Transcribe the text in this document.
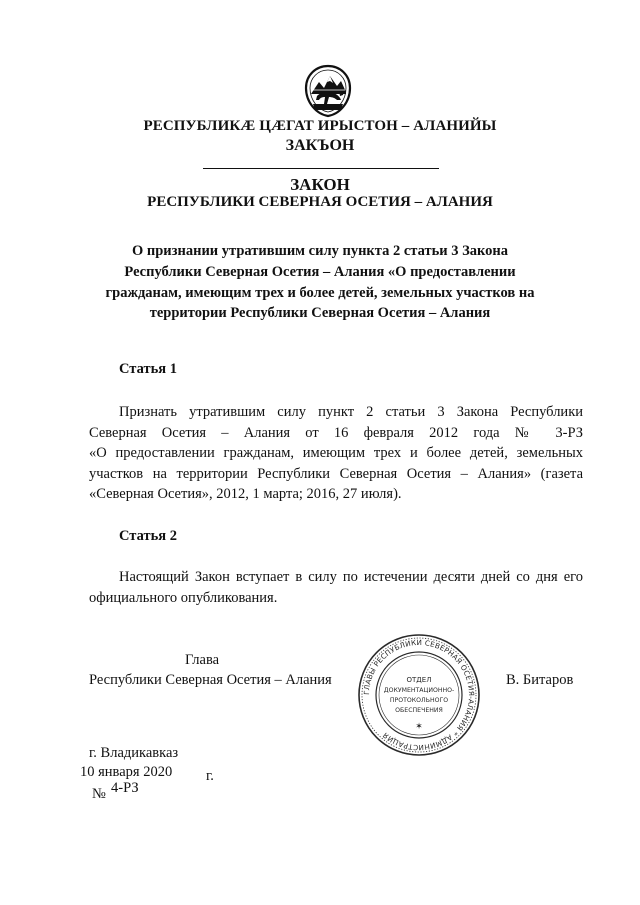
РЕСПУБЛИКÆ ЦÆГАТ ИРЫСТОН – АЛАНИЙЫ
ЗАКЪОН
ЗАКОН
РЕСПУБЛИКИ СЕВЕРНАЯ ОСЕТИЯ – АЛАНИЯ
О признании утратившим силу пункта 2 статьи 3 Закона
Республики Северная Осетия – Алания «О предоставлении
гражданам, имеющим трех и более детей, земельных участков на
территории Республики Северная Осетия – Алания
Статья 1
Признать утратившим силу пункт 2 статьи 3 Закона Республики
Северная Осетия – Алания от 16 февраля 2012 года № 3-РЗ
«О предоставлении гражданам, имеющим трех и более детей, земельных
участков на территории Республики Северная Осетия – Алания» (газета
«Северная Осетия», 2012, 1 марта; 2016, 27 июля).
Статья 2
Настоящий Закон вступает в силу по истечении десяти дней со дня его
официального опубликования.
Глава
Республики Северная Осетия – Алания	В. Битаров
ГЛАВЫ РЕСПУБЛИКИ СЕВЕРНАЯ ОСЕТИЯ-АЛАНИЯ * АДМИНИСТРАЦИЯ
ОТДЕЛ
ДОКУМЕНТАЦИОННО-
ПРОТОКОЛЬНОГО
ОБЕСПЕЧЕНИЯ
✶
г. Владикавказ
10 января 2020 г.
№ 4-РЗ
